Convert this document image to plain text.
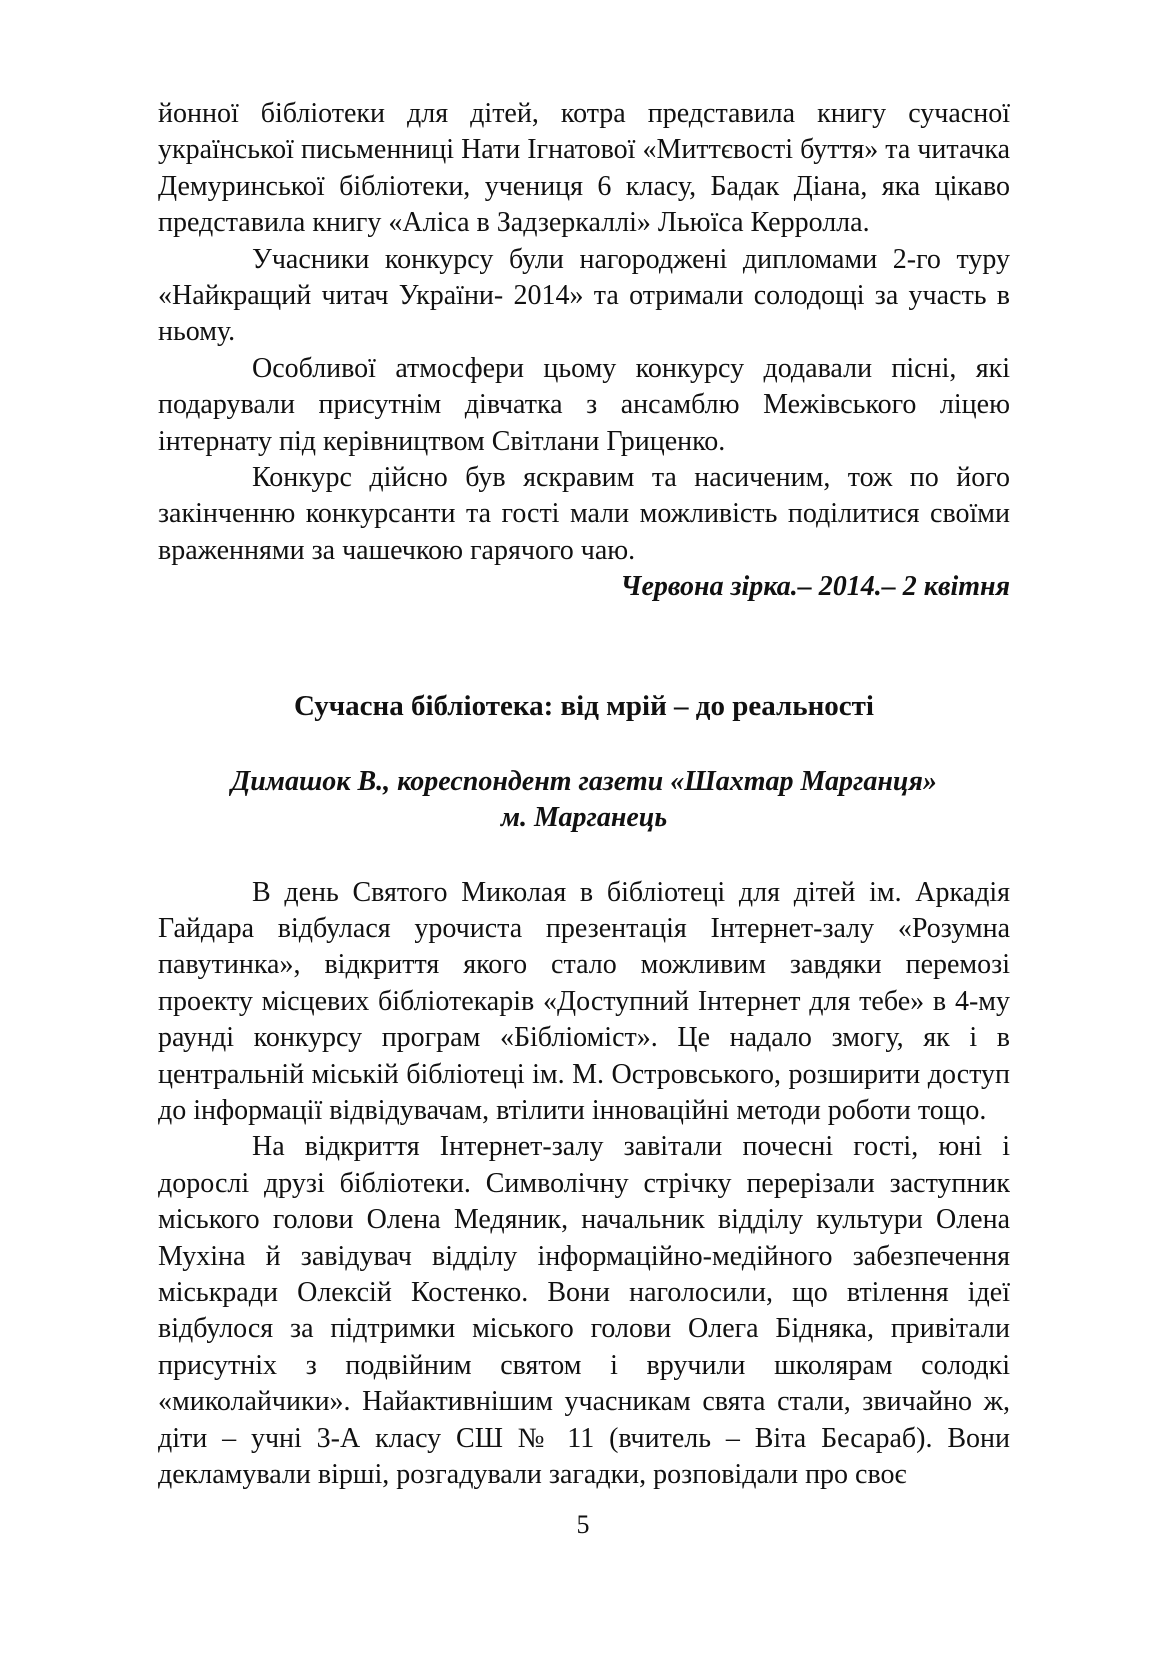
йонної бібліотеки для дітей, котра представила книгу сучасної української письменниці Нати Ігнатової «Миттєвості буття» та читачка Демуринської бібліотеки, учениця 6 класу, Бадак Діана, яка цікаво представила книгу «Аліса в Задзеркаллі» Льюїса Керролла.

Учасники конкурсу були нагороджені дипломами 2-го туру «Найкращий читач України- 2014» та отримали солодощі за участь в ньому.

Особливої атмосфери цьому конкурсу додавали пісні, які подарували присутнім дівчатка з ансамблю Межівського ліцею інтернату під керівництвом Світлани Гриценко.

Конкурс дійсно був яскравим та насиченим, тож по його закінченню конкурсанти та гості мали можливість поділитися своїми враженнями за чашечкою гарячого чаю.

Червона зірка.– 2014.– 2 квітня

Сучасна бібліотека: від мрій – до реальності
Димашок В., кореспондент газети «Шахтар Марганця»
м. Марганець

В день Святого Миколая в бібліотеці для дітей ім. Аркадія Гайдара відбулася урочиста презентація Інтернет-залу «Розумна павутинка», відкриття якого стало можливим завдяки перемозі проекту місцевих бібліотекарів «Доступний Інтернет для тебе» в 4-му раунді конкурсу програм «Бібліоміст». Це надало змогу, як і в центральній міській бібліотеці ім. М. Островського, розширити доступ до інформації відвідувачам, втілити інноваційні методи роботи тощо.

На відкриття Інтернет-залу завітали почесні гості, юні і дорослі друзі бібліотеки. Символічну стрічку перерізали заступник міського голови Олена Медяник, начальник відділу культури Олена Мухіна й завідувач відділу інформаційно-медійного забезпечення міськради Олексій Костенко. Вони наголосили, що втілення ідеї відбулося за підтримки міського голови Олега Бідняка, привітали присутніх з подвійним святом і вручили школярам солодкі «миколайчики». Найактивнішим учасникам свята стали, звичайно ж, діти – учні 3-А класу СШ № 11 (вчитель – Віта Бесараб). Вони декламували вірші, розгадували загадки, розповідали про своє

5
